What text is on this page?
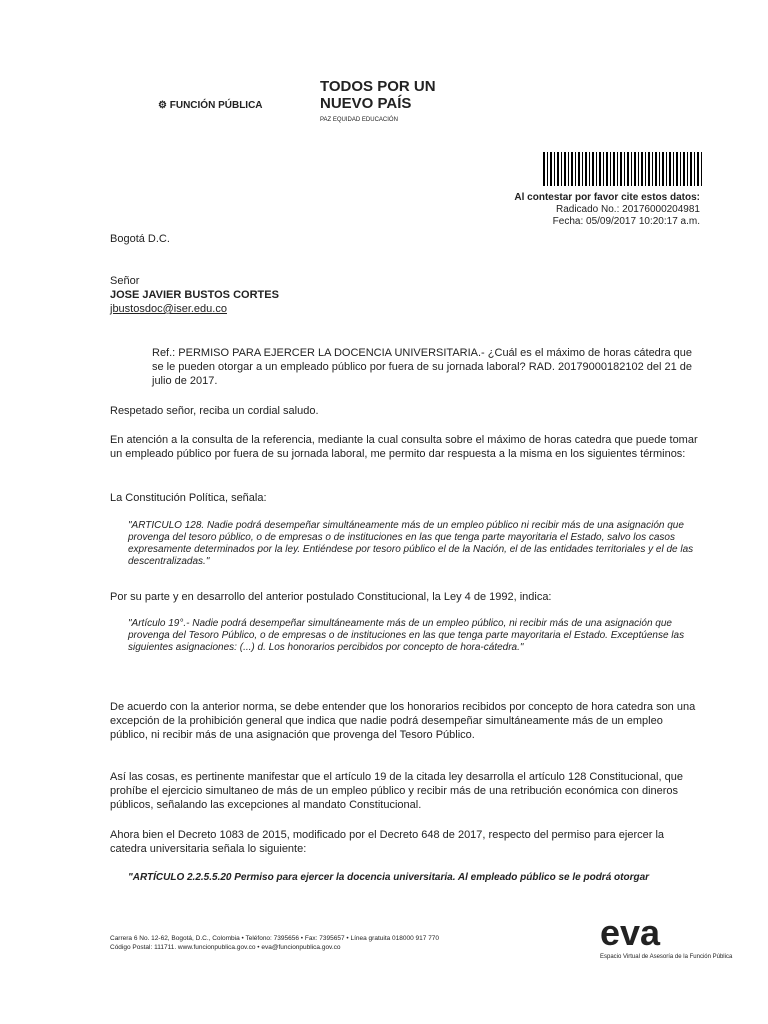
⚙ FUNCIÓN PÚBLICA
TODOS POR UN
NUEVO PAÍS
PAZ EQUIDAD EDUCACIÓN
Al contestar por favor cite estos datos:
Radicado No.: 20176000204981
Fecha: 05/09/2017 10:20:17 a.m.
Bogotá D.C.
Señor
JOSE JAVIER BUSTOS CORTES
jbustosdoc@iser.edu.co
Ref.: PERMISO PARA EJERCER LA DOCENCIA UNIVERSITARIA.- ¿Cuál es el máximo de horas cátedra que se le pueden otorgar a un empleado público por fuera de su jornada laboral? RAD. 20179000182102 del 21 de julio de 2017.
Respetado señor, reciba un cordial saludo.
En atención a la consulta de la referencia, mediante la cual consulta sobre el máximo de horas catedra que puede tomar un empleado público por fuera de su jornada laboral, me permito dar respuesta a la misma en los siguientes términos:
La Constitución Política, señala:
"ARTICULO 128. Nadie podrá desempeñar simultáneamente más de un empleo público ni recibir más de una asignación que provenga del tesoro público, o de empresas o de instituciones en las que tenga parte mayoritaria el Estado, salvo los casos expresamente determinados por la ley. Entiéndese por tesoro público el de la Nación, el de las entidades territoriales y el de las descentralizadas."
Por su parte y en desarrollo del anterior postulado Constitucional, la Ley 4 de 1992, indica:
"Artículo 19°.- Nadie podrá desempeñar simultáneamente más de un empleo público, ni recibir más de una asignación que provenga del Tesoro Público, o de empresas o de instituciones en las que tenga parte mayoritaria el Estado. Exceptúense las siguientes asignaciones: (...) d. Los honorarios percibidos por concepto de hora-cátedra."
De acuerdo con la anterior norma, se debe entender que los honorarios recibidos por concepto de hora catedra son una excepción de la prohibición general que indica que nadie podrá desempeñar simultáneamente más de un empleo público, ni recibir más de una asignación que provenga del Tesoro Público.
Así las cosas, es pertinente manifestar que el artículo 19 de la citada ley desarrolla el artículo 128 Constitucional, que prohíbe el ejercicio simultaneo de más de un empleo público y recibir más de una retribución económica con dineros públicos, señalando las excepciones al mandato Constitucional.
Ahora bien el Decreto 1083 de 2015, modificado por el Decreto 648 de 2017, respecto del permiso para ejercer la catedra universitaria señala lo siguiente:
"ARTÍCULO 2.2.5.5.20 Permiso para ejercer la docencia universitaria. Al empleado público se le podrá otorgar
Carrera 6 No. 12-62, Bogotá, D.C., Colombia • Teléfono: 7395656 • Fax: 7395657 • Línea gratuita 018000 917 770
Código Postal: 111711. www.funcionpublica.gov.co • eva@funcionpublica.gov.co	eva
Espacio Virtual de Asesoría de la Función Pública
